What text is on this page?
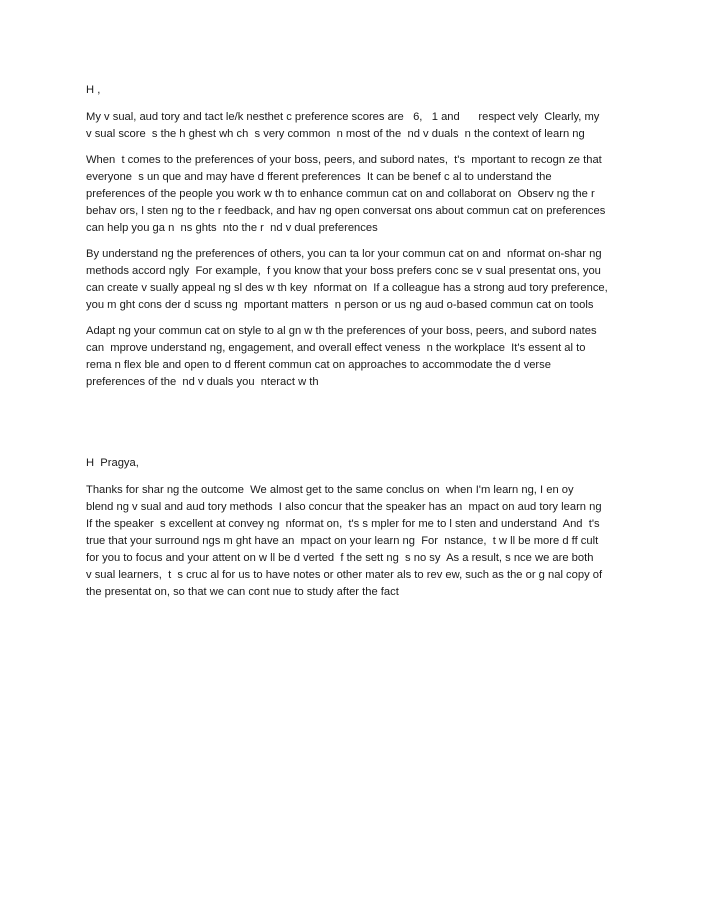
H ,
My v sual, aud tory and tact le/k nesthet c preference scores are   6,   1 and      respect vely  Clearly, my
v sual score  s the h ghest wh ch  s very common  n most of the  nd v duals  n the context of learn ng
When  t comes to the preferences of your boss, peers, and subord nates,  t's  mportant to recogn ze that
everyone  s un que and may have d fferent preferences  It can be benef c al to understand the
preferences of the people you work w th to enhance commun cat on and collaborat on  Observ ng the r
behav ors, l sten ng to the r feedback, and hav ng open conversat ons about commun cat on preferences
can help you ga n  ns ghts  nto the r  nd v dual preferences
By understand ng the preferences of others, you can ta lor your commun cat on and  nformat on-shar ng
methods accord ngly  For example,  f you know that your boss prefers conc se v sual presentat ons, you
can create v sually appeal ng sl des w th key  nformat on  If a colleague has a strong aud tory preference,
you m ght cons der d scuss ng  mportant matters  n person or us ng aud o-based commun cat on tools
Adapt ng your commun cat on style to al gn w th the preferences of your boss, peers, and subord nates
can  mprove understand ng, engagement, and overall effect veness  n the workplace  It's essent al to
rema n flex ble and open to d fferent commun cat on approaches to accommodate the d verse
preferences of the  nd v duals you  nteract w th
H  Pragya,
Thanks for shar ng the outcome  We almost get to the same conclus on  when I'm learn ng, I en oy
blend ng v sual and aud tory methods  I also concur that the speaker has an  mpact on aud tory learn ng
If the speaker  s excellent at convey ng  nformat on,  t's s mpler for me to l sten and understand  And  t's
true that your surround ngs m ght have an  mpact on your learn ng  For  nstance,  t w ll be more d ff cult
for you to focus and your attent on w ll be d verted  f the sett ng  s no sy  As a result, s nce we are both
v sual learners,  t  s cruc al for us to have notes or other mater als to rev ew, such as the or g nal copy of
the presentat on, so that we can cont nue to study after the fact
